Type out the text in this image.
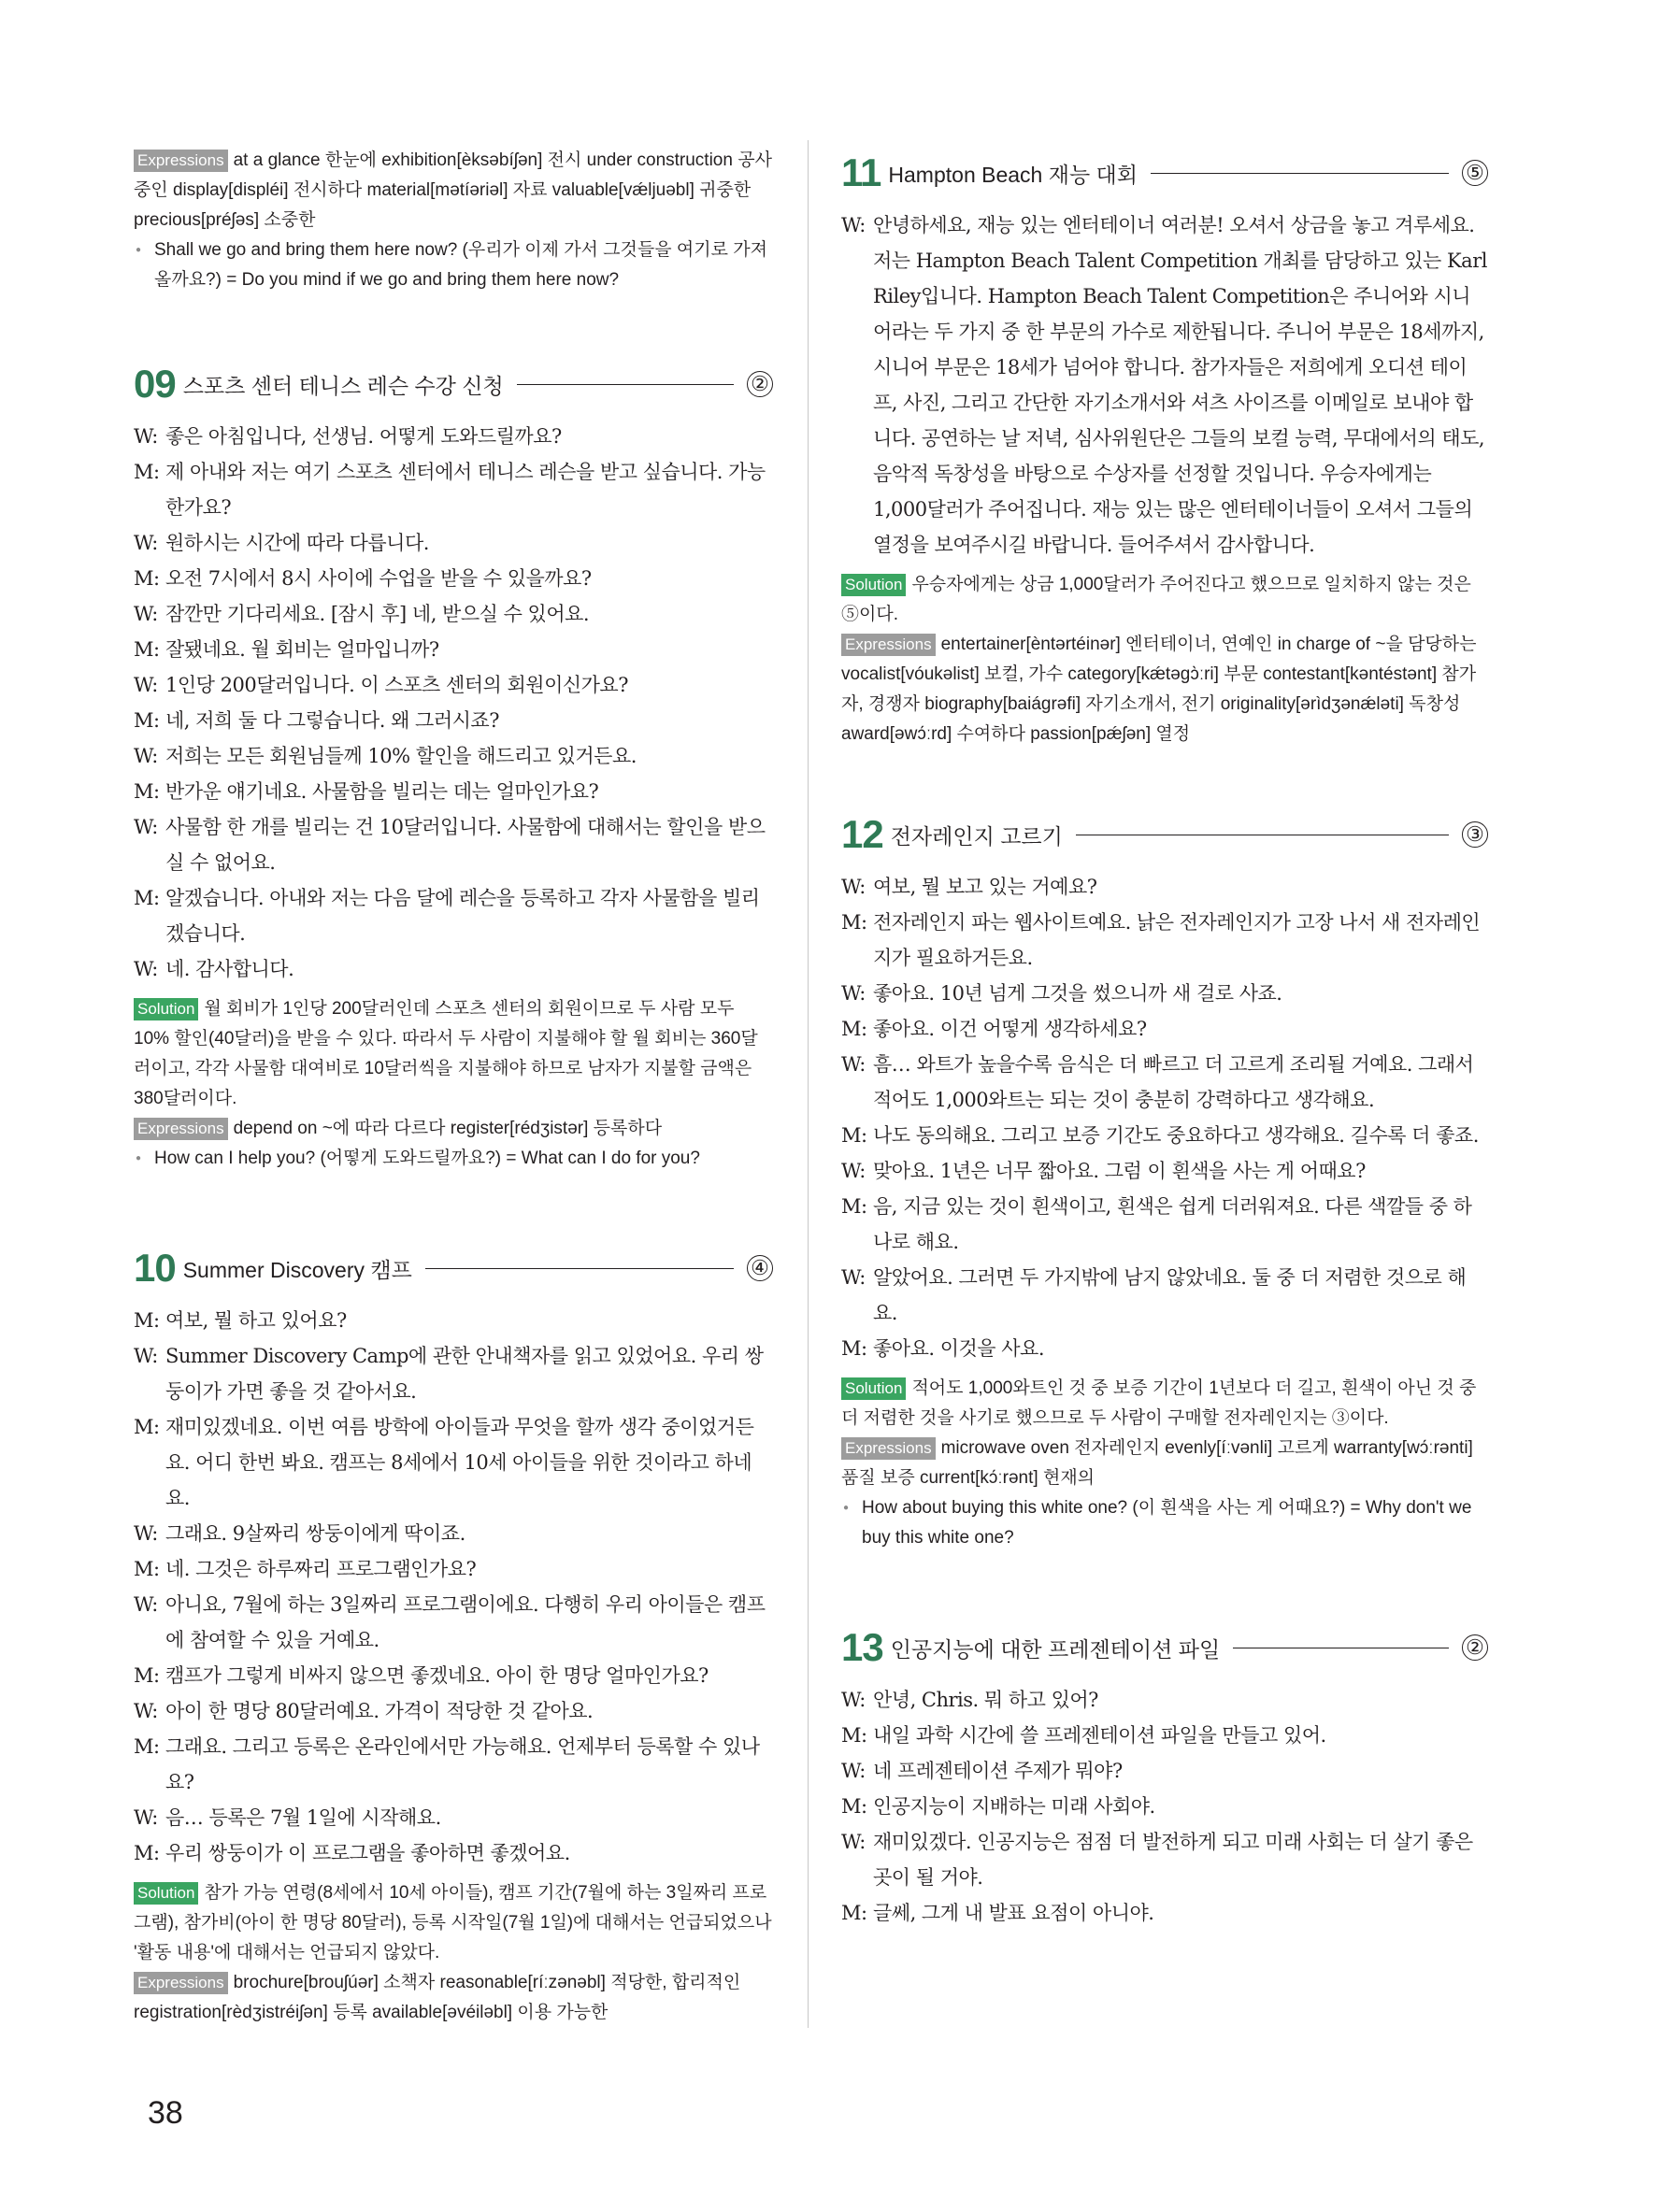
Expressions at a glance 한눈에 exhibition[èksəbíʃən] 전시 under construction 공사 중인 display[displéi] 전시하다 material[mətíəriəl] 자료 valuable[vǽljuəbl] 귀중한 precious[préʃəs] 소중한

● Shall we go and bring them here now? (우리가 이제 가서 그것들을 여기로 가져올까요?) = Do you mind if we go and bring them here now?

09 스포츠 센터 테니스 레슨 수강 신청	②

W: 좋은 아침입니다, 선생님. 어떻게 도와드릴까요?

M: 제 아내와 저는 여기 스포츠 센터에서 테니스 레슨을 받고 싶습니다. 가능한가요?

W: 원하시는 시간에 따라 다릅니다.

M: 오전 7시에서 8시 사이에 수업을 받을 수 있을까요?

W: 잠깐만 기다리세요. [잠시 후] 네, 받으실 수 있어요.

M: 잘됐네요. 월 회비는 얼마입니까?

W: 1인당 200달러입니다. 이 스포츠 센터의 회원이신가요?

M: 네, 저희 둘 다 그렇습니다. 왜 그러시죠?

W: 저희는 모든 회원님들께 10% 할인을 해드리고 있거든요.

M: 반가운 얘기네요. 사물함을 빌리는 데는 얼마인가요?

W: 사물함 한 개를 빌리는 건 10달러입니다. 사물함에 대해서는 할인을 받으실 수 없어요.

M: 알겠습니다. 아내와 저는 다음 달에 레슨을 등록하고 각자 사물함을 빌리겠습니다.

W: 네. 감사합니다.

Solution 월 회비가 1인당 200달러인데 스포츠 센터의 회원이므로 두 사람 모두 10% 할인(40달러)을 받을 수 있다. 따라서 두 사람이 지불해야 할 월 회비는 360달러이고, 각각 사물함 대여비로 10달러씩을 지불해야 하므로 남자가 지불할 금액은 380달러이다.

Expressions depend on ~에 따라 다르다 register[rédʒistər] 등록하다

● How can I help you? (어떻게 도와드릴까요?) = What can I do for you?

10 Summer Discovery 캠프	④

M: 여보, 뭘 하고 있어요?

W: Summer Discovery Camp에 관한 안내책자를 읽고 있었어요. 우리 쌍둥이가 가면 좋을 것 같아서요.

M: 재미있겠네요. 이번 여름 방학에 아이들과 무엇을 할까 생각 중이었거든요. 어디 한번 봐요. 캠프는 8세에서 10세 아이들을 위한 것이라고 하네요.

W: 그래요. 9살짜리 쌍둥이에게 딱이죠.

M: 네. 그것은 하루짜리 프로그램인가요?

W: 아니요, 7월에 하는 3일짜리 프로그램이에요. 다행히 우리 아이들은 캠프에 참여할 수 있을 거예요.

M: 캠프가 그렇게 비싸지 않으면 좋겠네요. 아이 한 명당 얼마인가요?

W: 아이 한 명당 80달러예요. 가격이 적당한 것 같아요.

M: 그래요. 그리고 등록은 온라인에서만 가능해요. 언제부터 등록할 수 있나요?

W: 음… 등록은 7월 1일에 시작해요.

M: 우리 쌍둥이가 이 프로그램을 좋아하면 좋겠어요.

Solution 참가 가능 연령(8세에서 10세 아이들), 캠프 기간(7월에 하는 3일짜리 프로그램), 참가비(아이 한 명당 80달러), 등록 시작일(7월 1일)에 대해서는 언급되었으나 '활동 내용'에 대해서는 언급되지 않았다.

Expressions brochure[brouʃúər] 소책자 reasonable[ríːzənəbl] 적당한, 합리적인 registration[rèdʒistréiʃən] 등록 available[əvéiləbl] 이용 가능한

11 Hampton Beach 재능 대회	⑤

W: 안녕하세요, 재능 있는 엔터테이너 여러분! 오셔서 상금을 놓고 겨루세요. 저는 Hampton Beach Talent Competition 개최를 담당하고 있는 Karl Riley입니다. Hampton Beach Talent Competition은 주니어와 시니어라는 두 가지 중 한 부문의 가수로 제한됩니다. 주니어 부문은 18세까지, 시니어 부문은 18세가 넘어야 합니다. 참가자들은 저희에게 오디션 테이프, 사진, 그리고 간단한 자기소개서와 셔츠 사이즈를 이메일로 보내야 합니다. 공연하는 날 저녁, 심사위원단은 그들의 보컬 능력, 무대에서의 태도, 음악적 독창성을 바탕으로 수상자를 선정할 것입니다. 우승자에게는 1,000달러가 주어집니다. 재능 있는 많은 엔터테이너들이 오셔서 그들의 열정을 보여주시길 바랍니다. 들어주셔서 감사합니다.

Solution 우승자에게는 상금 1,000달러가 주어진다고 했으므로 일치하지 않는 것은 ⑤이다.

Expressions entertainer[èntərtéinər] 엔터테이너, 연예인 in charge of ~을 담당하는 vocalist[vóukəlist] 보컬, 가수 category[kǽtəgɔ̀ːri] 부문 contestant[kəntéstənt] 참가자, 경쟁자 biography[baiágrəfi] 자기소개서, 전기 originality[ərìdʒənǽləti] 독창성 award[əwɔ́ːrd] 수여하다 passion[pǽʃən] 열정

12 전자레인지 고르기	③

W: 여보, 뭘 보고 있는 거예요?

M: 전자레인지 파는 웹사이트예요. 낡은 전자레인지가 고장 나서 새 전자레인지가 필요하거든요.

W: 좋아요. 10년 넘게 그것을 썼으니까 새 걸로 사죠.

M: 좋아요. 이건 어떻게 생각하세요?

W: 흠… 와트가 높을수록 음식은 더 빠르고 더 고르게 조리될 거예요. 그래서 적어도 1,000와트는 되는 것이 충분히 강력하다고 생각해요.

M: 나도 동의해요. 그리고 보증 기간도 중요하다고 생각해요. 길수록 더 좋죠.

W: 맞아요. 1년은 너무 짧아요. 그럼 이 흰색을 사는 게 어때요?

M: 음, 지금 있는 것이 흰색이고, 흰색은 쉽게 더러워져요. 다른 색깔들 중 하나로 해요.

W: 알았어요. 그러면 두 가지밖에 남지 않았네요. 둘 중 더 저렴한 것으로 해요.

M: 좋아요. 이것을 사요.

Solution 적어도 1,000와트인 것 중 보증 기간이 1년보다 더 길고, 흰색이 아닌 것 중 더 저렴한 것을 사기로 했으므로 두 사람이 구매할 전자레인지는 ③이다.

Expressions microwave oven 전자레인지 evenly[íːvənli] 고르게 warranty[wɔ́ːrənti] 품질 보증 current[kɔ́ːrənt] 현재의

● How about buying this white one? (이 흰색을 사는 게 어때요?) = Why don't we buy this white one?

13 인공지능에 대한 프레젠테이션 파일	②

W: 안녕, Chris. 뭐 하고 있어?

M: 내일 과학 시간에 쓸 프레젠테이션 파일을 만들고 있어.

W: 네 프레젠테이션 주제가 뭐야?

M: 인공지능이 지배하는 미래 사회야.

W: 재미있겠다. 인공지능은 점점 더 발전하게 되고 미래 사회는 더 살기 좋은 곳이 될 거야.

M: 글쎄, 그게 내 발표 요점이 아니야.

38
